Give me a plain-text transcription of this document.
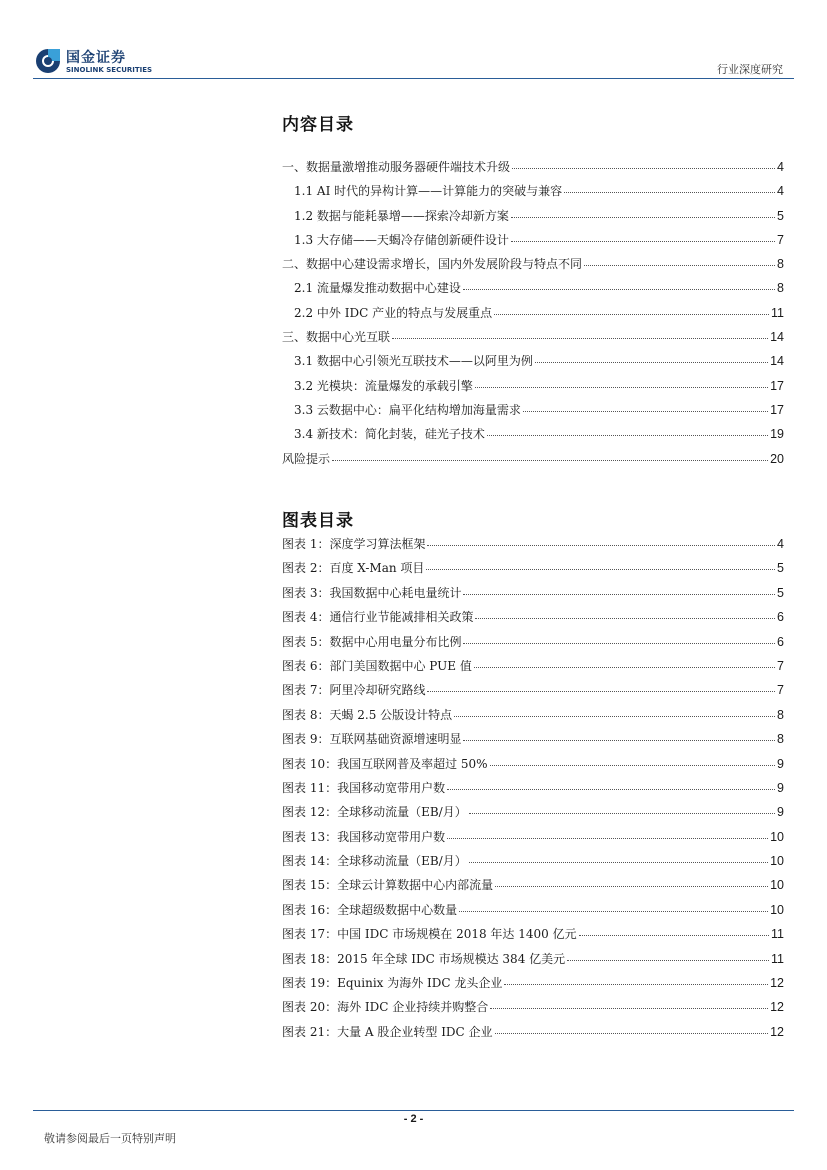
国金证券
SINOLINK SECURITIES	行业深度研究
内容目录
一、数据量激增推动服务器硬件端技术升级	4
1.1 AI 时代的异构计算——计算能力的突破与兼容	4
1.2 数据与能耗暴增——探索冷却新方案	5
1.3 大存储——天蝎冷存储创新硬件设计	7
二、数据中心建设需求增长，国内外发展阶段与特点不同	8
2.1 流量爆发推动数据中心建设	8
2.2 中外 IDC 产业的特点与发展重点	11
三、数据中心光互联	14
3.1 数据中心引领光互联技术——以阿里为例	14
3.2 光模块：流量爆发的承载引擎	17
3.3 云数据中心：扁平化结构增加海量需求	17
3.4 新技术：简化封装，硅光子技术	19
风险提示	20
图表目录
图表 1：深度学习算法框架	4
图表 2：百度 X-Man 项目	5
图表 3：我国数据中心耗电量统计	5
图表 4：通信行业节能减排相关政策	6
图表 5：数据中心用电量分布比例	6
图表 6：部门美国数据中心 PUE 值	7
图表 7：阿里冷却研究路线	7
图表 8：天蝎 2.5 公版设计特点	8
图表 9：互联网基础资源增速明显	8
图表 10：我国互联网普及率超过 50%	9
图表 11：我国移动宽带用户数	9
图表 12：全球移动流量（EB/月）	9
图表 13：我国移动宽带用户数	10
图表 14：全球移动流量（EB/月）	10
图表 15：全球云计算数据中心内部流量	10
图表 16：全球超级数据中心数量	10
图表 17：中国 IDC 市场规模在 2018 年达 1400 亿元	11
图表 18：2015 年全球 IDC 市场规模达 384 亿美元	11
图表 19：Equinix 为海外 IDC 龙头企业	12
图表 20：海外 IDC 企业持续并购整合	12
图表 21：大量 A 股企业转型 IDC 企业	12
- 2 -
敬请参阅最后一页特别声明
